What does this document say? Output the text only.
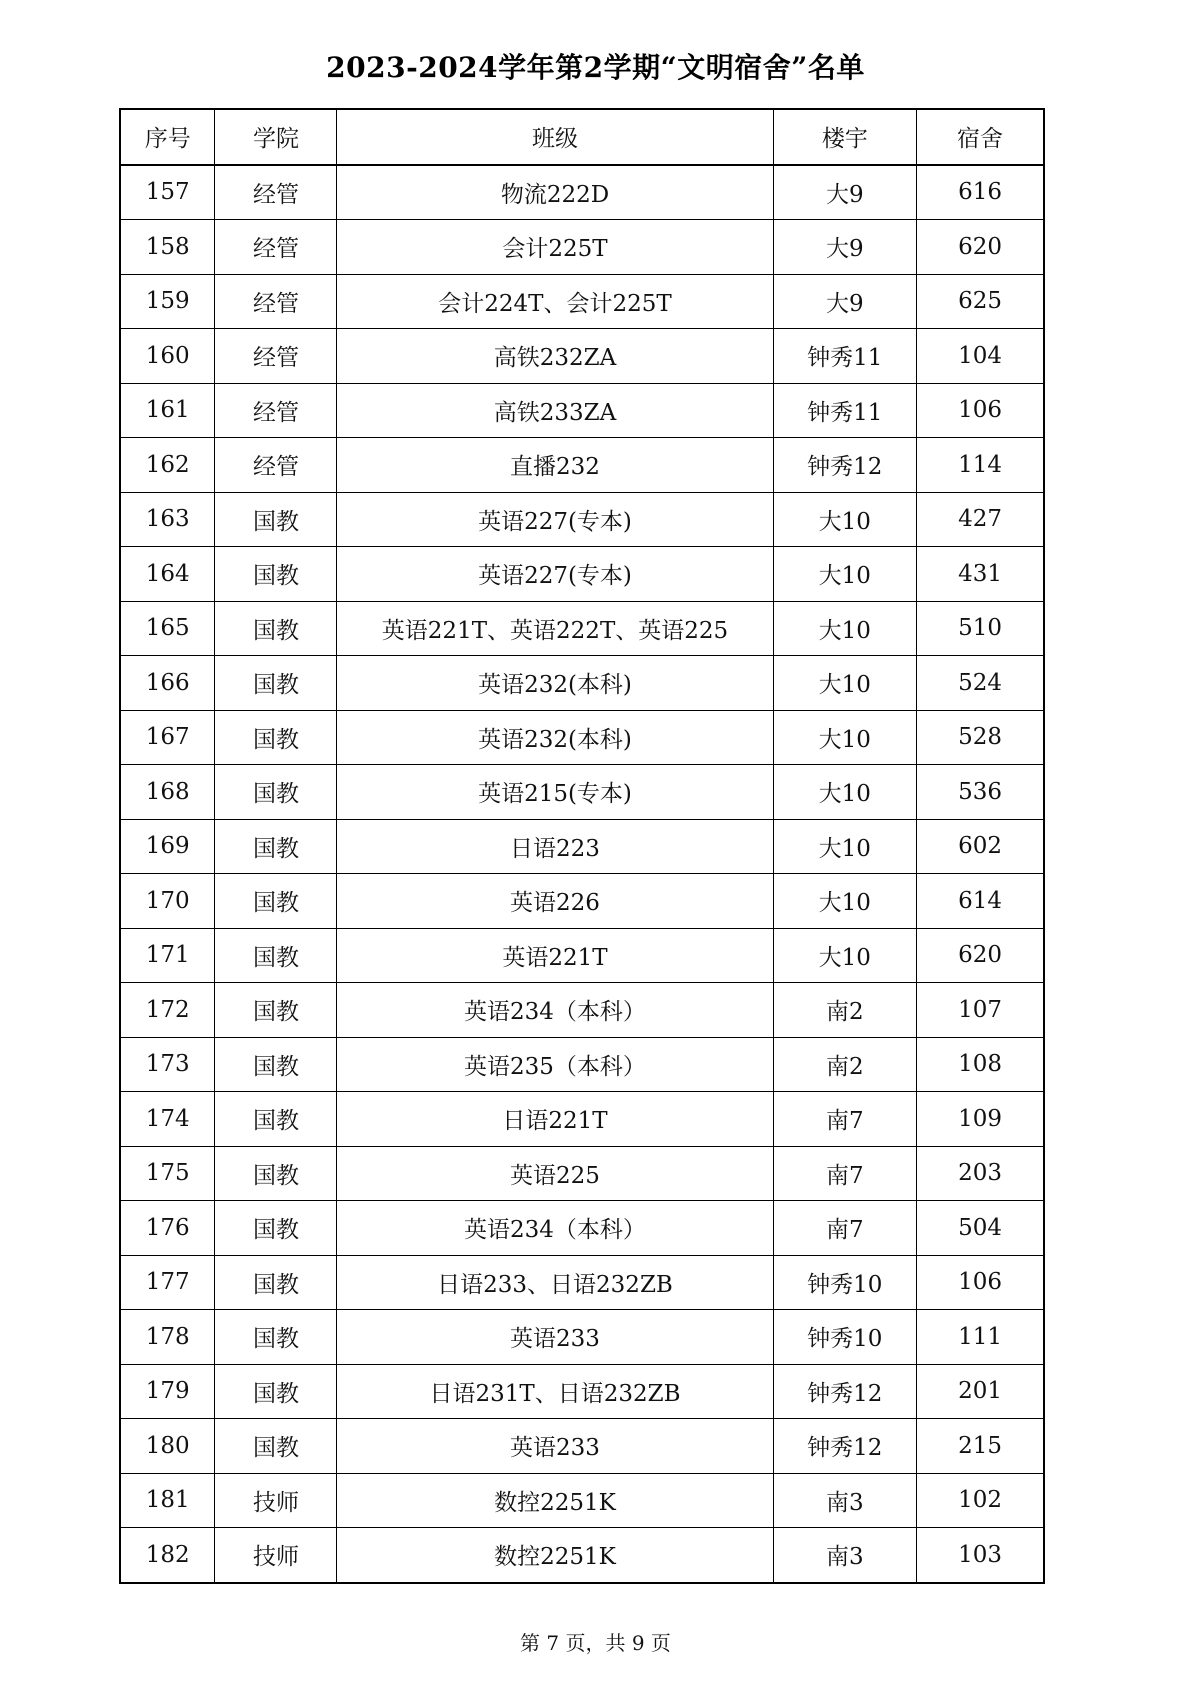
2023-2024学年第2学期“文明宿舍”名单
序号	学院	班级	楼宇	宿舍
157	经管	物流222D	大9	616
158	经管	会计225T	大9	620
159	经管	会计224T、会计225T	大9	625
160	经管	高铁232ZA	钟秀11	104
161	经管	高铁233ZA	钟秀11	106
162	经管	直播232	钟秀12	114
163	国教	英语227(专本)	大10	427
164	国教	英语227(专本)	大10	431
165	国教	英语221T、英语222T、英语225	大10	510
166	国教	英语232(本科)	大10	524
167	国教	英语232(本科)	大10	528
168	国教	英语215(专本)	大10	536
169	国教	日语223	大10	602
170	国教	英语226	大10	614
171	国教	英语221T	大10	620
172	国教	英语234（本科）	南2	107
173	国教	英语235（本科）	南2	108
174	国教	日语221T	南7	109
175	国教	英语225	南7	203
176	国教	英语234（本科）	南7	504
177	国教	日语233、日语232ZB	钟秀10	106
178	国教	英语233	钟秀10	111
179	国教	日语231T、日语232ZB	钟秀12	201
180	国教	英语233	钟秀12	215
181	技师	数控2251K	南3	102
182	技师	数控2251K	南3	103
第 7 页，共 9 页
